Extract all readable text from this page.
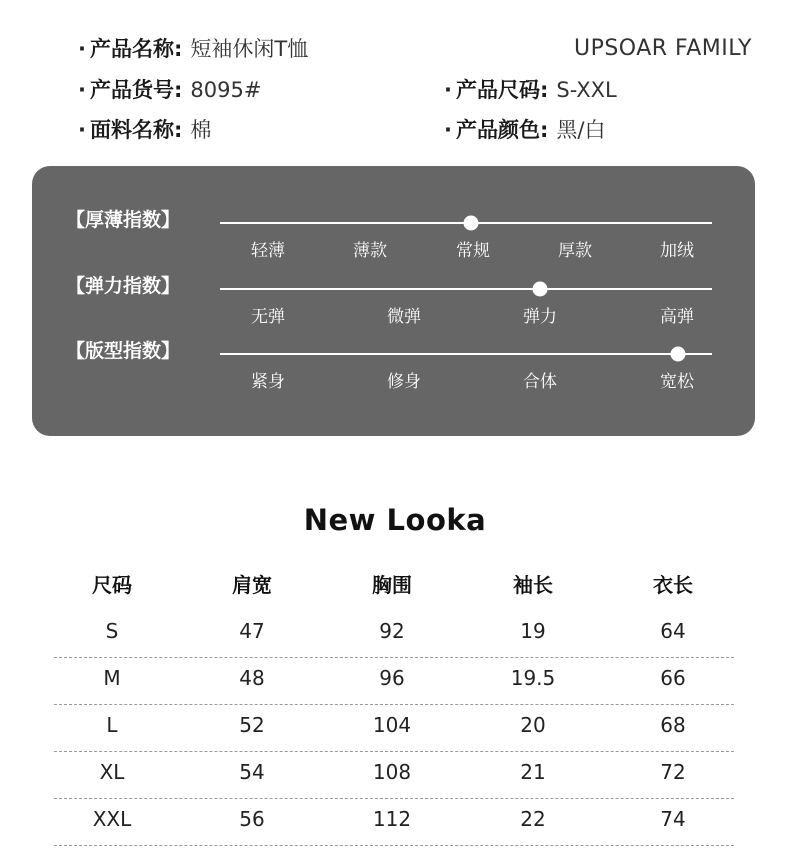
· 产品名称: 短袖休闲T恤	UPSOAR FAMILY
· 产品货号: 8095#	· 产品尺码: S-XXL
· 面料名称: 棉	· 产品颜色: 黑/白
【厚薄指数】
轻薄	薄款	常规	厚款	加绒
【弹力指数】
无弹	微弹	弹力	高弹
【版型指数】
紧身	修身	合体	宽松
New Looka
尺码	肩宽	胸围	袖长	衣长
S	47	92	19	64
M	48	96	19.5	66
L	52	104	20	68
XL	54	108	21	72
XXL	56	112	22	74
